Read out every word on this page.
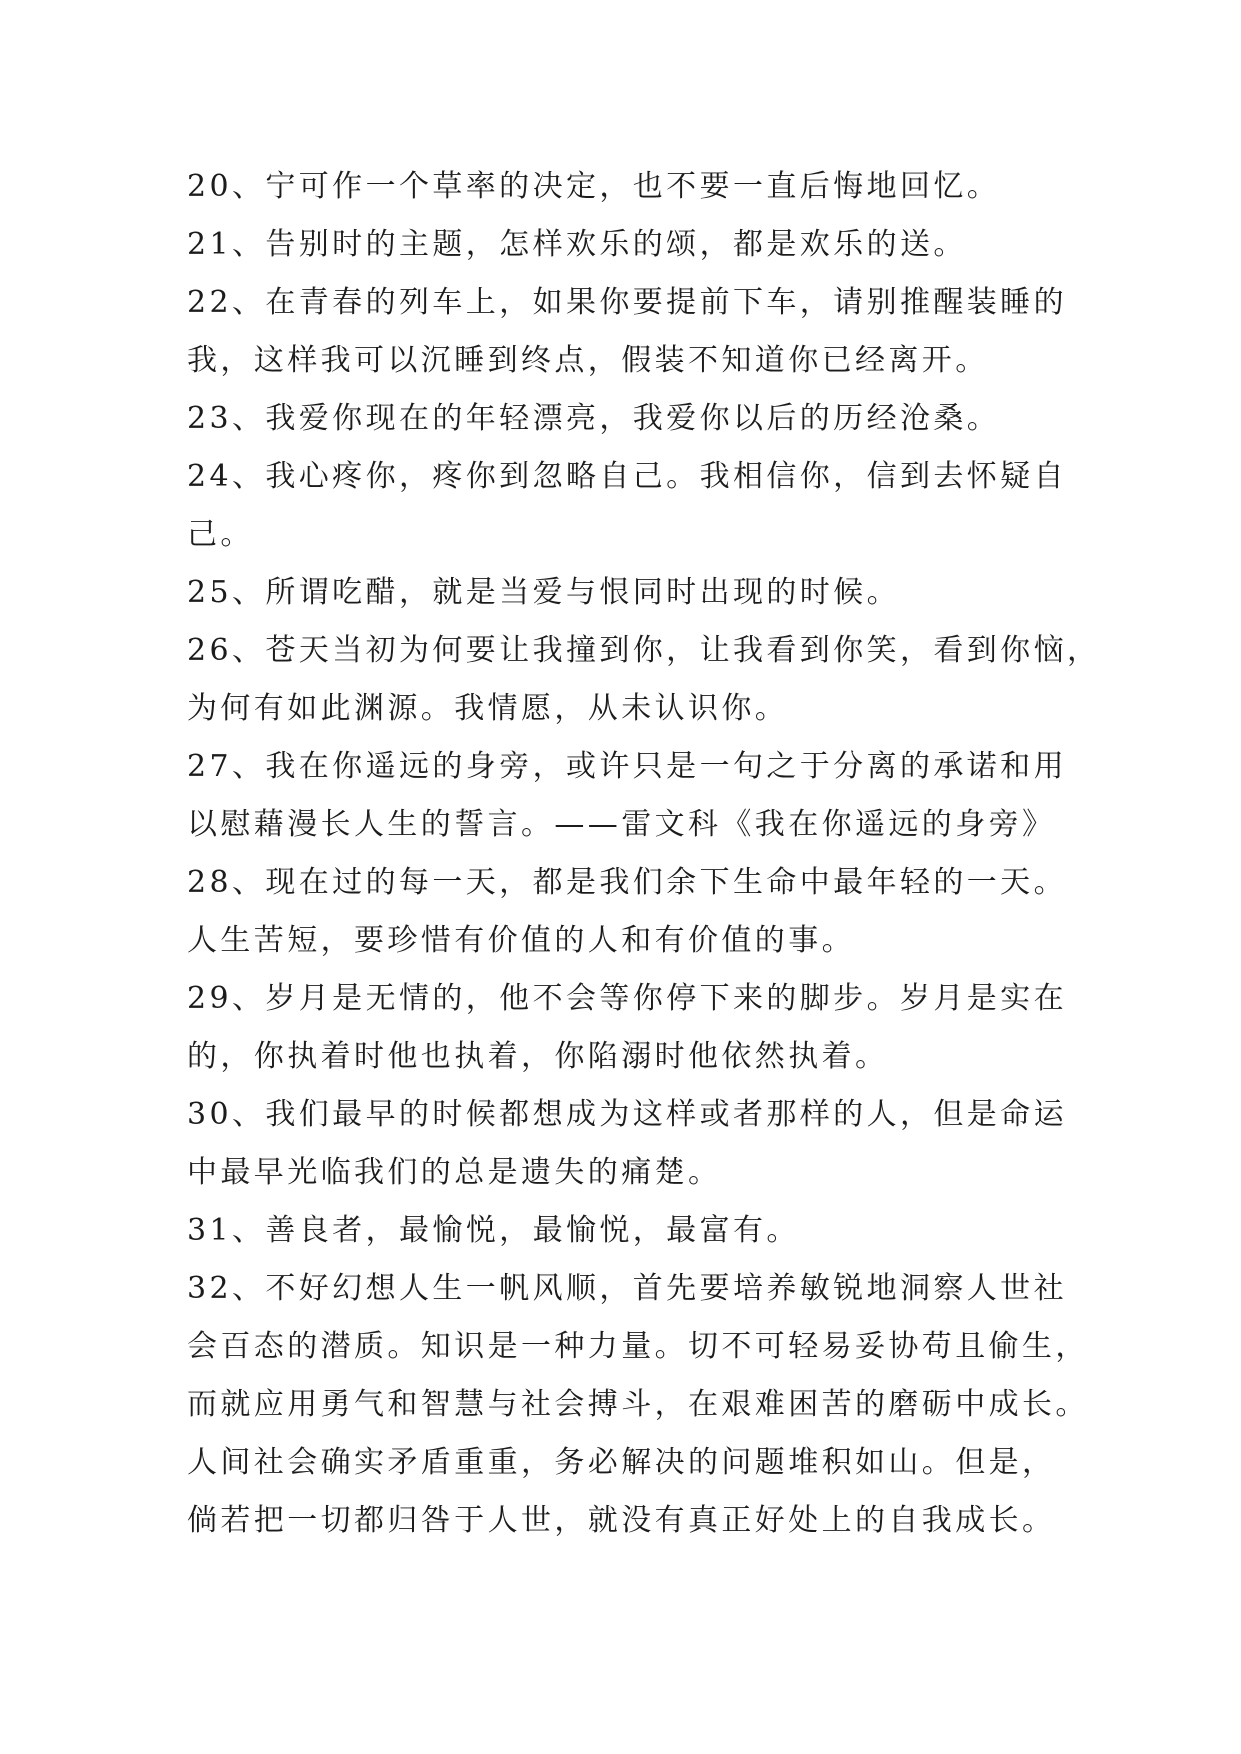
20、宁可作一个草率的决定，也不要一直后悔地回忆。
21、告别时的主题，怎样欢乐的颂，都是欢乐的送。
22、在青春的列车上，如果你要提前下车，请别推醒装睡的
我，这样我可以沉睡到终点，假装不知道你已经离开。
23、我爱你现在的年轻漂亮，我爱你以后的历经沧桑。
24、我心疼你，疼你到忽略自己。我相信你，信到去怀疑自
己。
25、所谓吃醋，就是当爱与恨同时出现的时候。
26、苍天当初为何要让我撞到你，让我看到你笑，看到你恼，
为何有如此渊源。我情愿，从未认识你。
27、我在你遥远的身旁，或许只是一句之于分离的承诺和用
以慰藉漫长人生的誓言。——雷文科《我在你遥远的身旁》
28、现在过的每一天，都是我们余下生命中最年轻的一天。
人生苦短，要珍惜有价值的人和有价值的事。
29、岁月是无情的，他不会等你停下来的脚步。岁月是实在
的，你执着时他也执着，你陷溺时他依然执着。
30、我们最早的时候都想成为这样或者那样的人，但是命运
中最早光临我们的总是遗失的痛楚。
31、善良者，最愉悦，最愉悦，最富有。
32、不好幻想人生一帆风顺，首先要培养敏锐地洞察人世社
会百态的潜质。知识是一种力量。切不可轻易妥协苟且偷生，
而就应用勇气和智慧与社会搏斗，在艰难困苦的磨砺中成长。
人间社会确实矛盾重重，务必解决的问题堆积如山。但是，
倘若把一切都归咎于人世，就没有真正好处上的自我成长。
